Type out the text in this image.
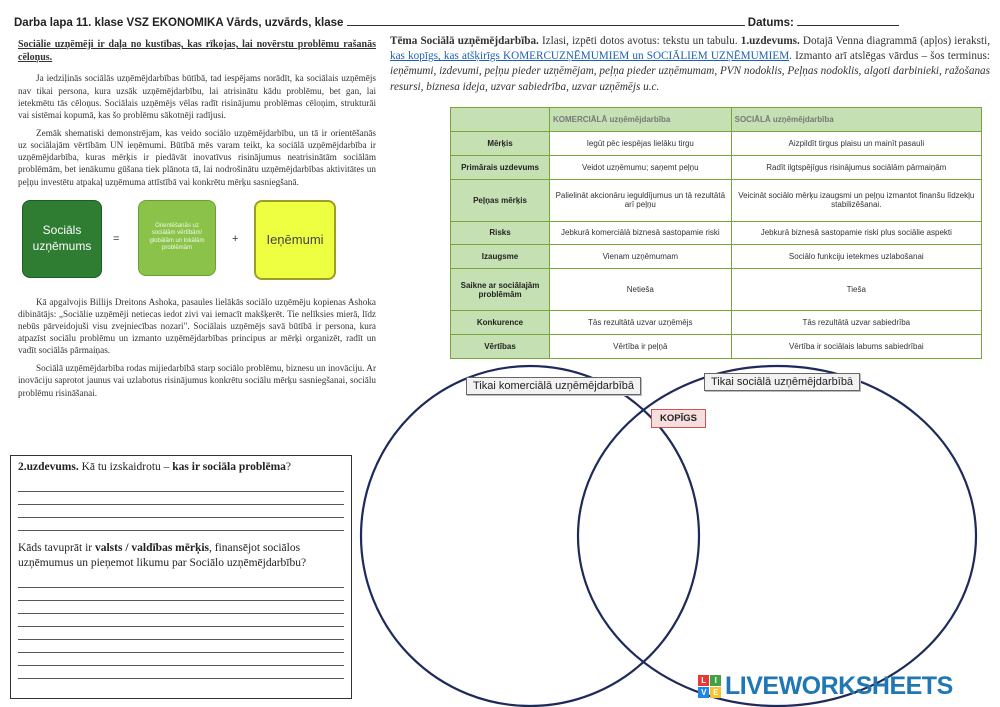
Darba lapa 11. klase VSZ EKONOMIKA Vārds, uzvārds, klase	Datums:

Sociālie uzņēmēji ir daļa no kustības, kas rīkojas, lai novērstu problēmu rašanās cēloņus.

Ja iedziļinās sociālās uzņēmējdarbības būtībā, tad iespējams norādīt, ka sociālais uzņēmējs nav tikai persona, kura uzsāk uzņēmējdarbību, lai atrisinātu kādu problēmu, bet gan, lai ietekmētu tās cēloņus. Sociālais uzņēmējs vēlas radīt risinājumu problēmas cēloņim, strukturāi vai sistēmai kopumā, kas šo problēmu sākotnēji radījusi.

Zemāk shematiski demonstrējam, kas veido sociālo uzņēmējdarbību, un tā ir orientēšanās uz sociālajām vērtībām UN ieņēmumi. Būtībā mēs varam teikt, ka sociālā uzņēmējdarbība ir uzņēmējdarbība, kuras mērķis ir piedāvāt inovatīvus risinājumus neatrisinātām sociālām problēmām, bet ienākumu gūšana tiek plānota tā, lai nodrošinātu uzņēmējdarbības aktivitātes un peļņu investētu atpakaļ uzņēmuma attīstībā vai konkrētu mērķu sasniegšanā.

Sociāls uzņēmums	=
Orientēšanās uz sociālām vērtībām/ globālām un lokālām problēmām
+	Ieņēmumi

Kā apgalvojis Billijs Dreitons Ashoka, pasaules lielākās sociālo uzņēmēju kopienas Ashoka dibinātājs: „Sociālie uzņēmēji netiecas iedot zivi vai iemacīt makšķerēt. Tie nelīksies mierā, līdz nebūs pārveidojuši visu zvejniecības nozari". Sociālais uzņēmējs savā būtībā ir persona, kura atpazīst sociālu problēmu un izmanto uzņēmējdarbības principus ar mērķi organizēt, radīt un vadīt sociālās pārmaiņas.

Sociālā uzņēmējdarbība rodas mijiedarbībā starp sociālo problēmu, biznesu un inovāciju. Ar inovāciju saprotot jaunus vai uzlabotus risinājumus konkrētu sociālu mērķu sasniegšanai, sociālu problēmu risināšanai.

2.uzdevums. Kā tu izskaidrotu – kas ir sociāla problēma?
Kāds tavuprāt ir valsts / valdības mērķis, finansējot sociālos uzņēmumus un pieņemot likumu par Sociālo uzņēmējdarbību?
Tēma Sociālā uzņēmējdarbība. Izlasi, izpēti dotos avotus: tekstu un tabulu. 1.uzdevums. Dotajā Venna diagrammā (apļos) ieraksti, kas kopīgs, kas atšķirīgs KOMERCUZŅĒMUMIEM un SOCIĀLIEM UZŅĒMUMIEM. Izmanto arī atslēgas vārdus – šos terminus: ieņēmumi, izdevumi, peļņu pieder uzņēmējam, peļņa pieder uzņēmumam, PVN nodoklis, Peļņas nodoklis, algoti darbinieki, ražošanas resursi, biznesa ideja, uzvar sabiedrība, uzvar uzņēmējs u.c.
	KOMERCIĀLĀ uzņēmējdarbība	SOCIĀLĀ uzņēmējdarbība
Mērķis	Iegūt pēc iespējas lielāku tirgu	Aizpildīt tirgus plaisu un mainīt pasauli
Primārais uzdevums	Veidot uzņēmumu; saņemt peļņu	Radīt ilgtspējīgus risinājumus sociālām pārmaiņām
Peļņas mērķis	Palielināt akcionāru ieguldījumus un tā rezultātā arī peļņu	Veicināt sociālo mērķu izaugsmi un peļņu izmantot finanšu līdzekļu stabilizēšanai.
Risks	Jebkurā komerciālā biznesā sastopamie riski	Jebkurā biznesā sastopamie riski plus sociālie aspekti
Izaugsme	Vienam uzņēmumam	Sociālo funkciju ietekmes uzlabošanai
Saikne ar sociālajām problēmām	Netieša	Tieša
Konkurence	Tās rezultātā uzvar uzņēmējs	Tās rezultātā uzvar sabiedrība
Vērtības	Vērtība ir peļņā	Vērtība ir sociālais labums sabiedrībai
Tikai komerciālā uzņēmējdarbībā	Tikai sociālā uzņēmējdarbībā
KOPĪGS
L	I
V E LIVEWORKSHEETS
